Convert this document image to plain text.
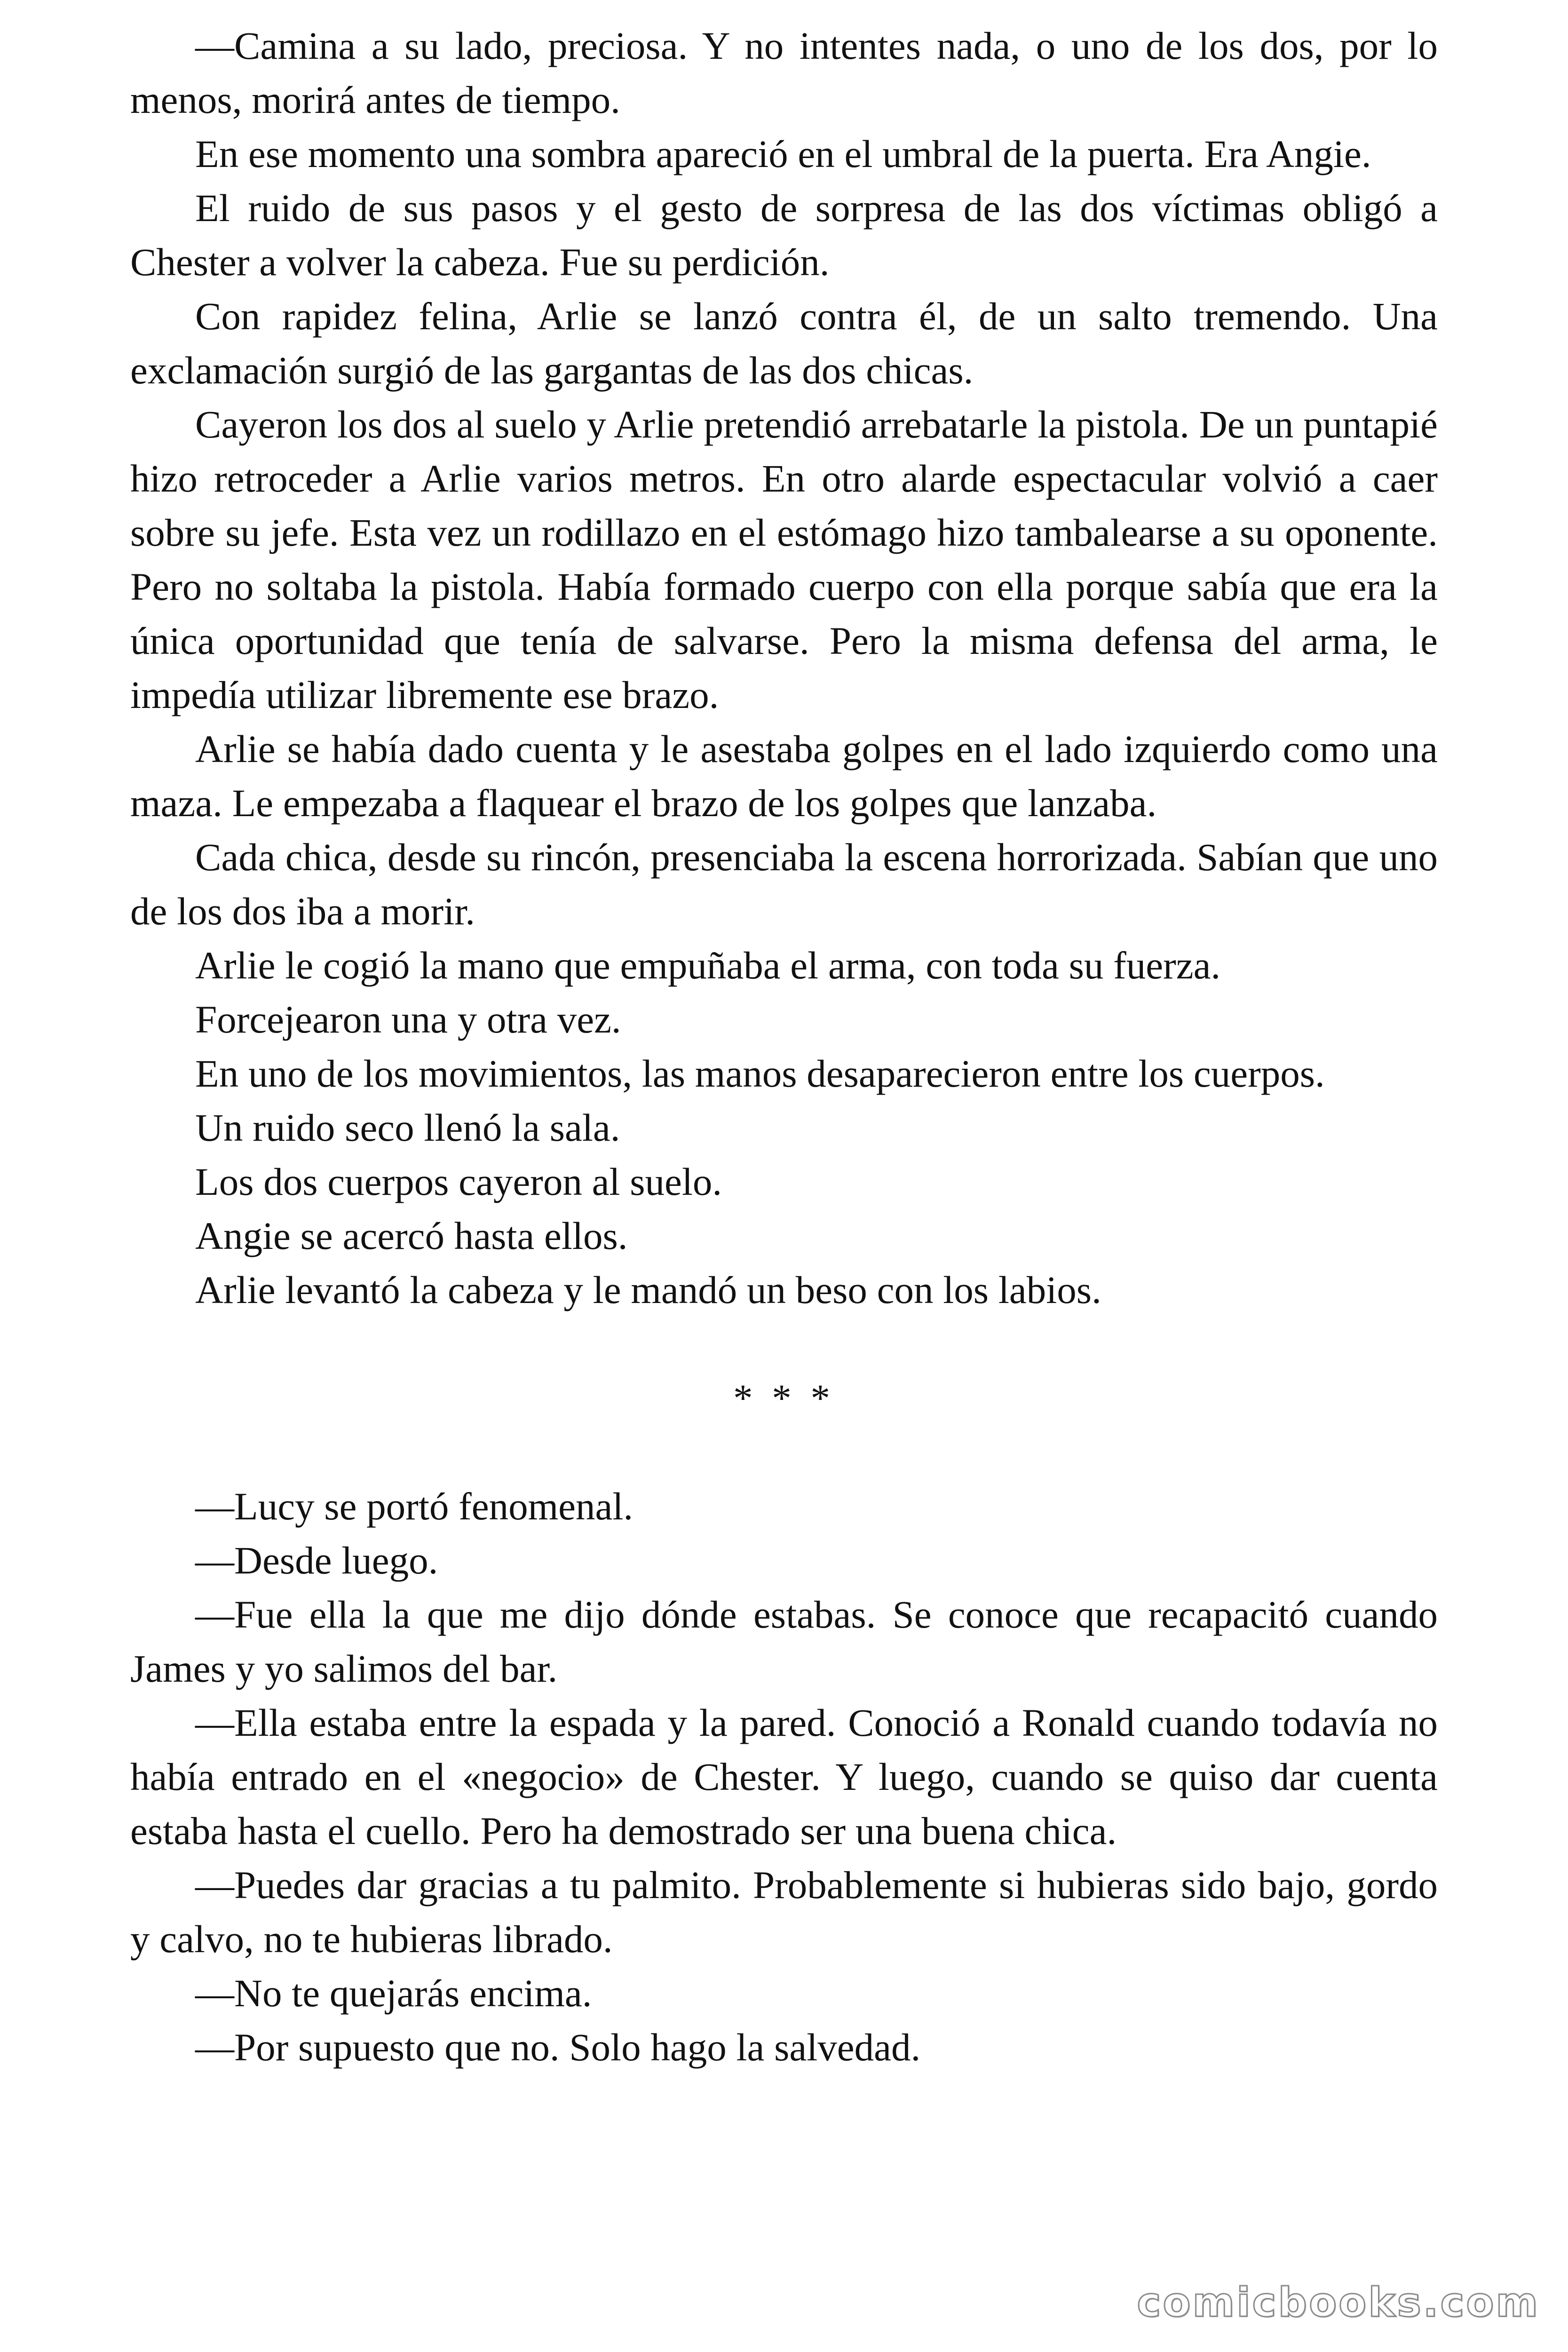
—Camina a su lado, preciosa. Y no intentes nada, o uno de los dos, por lo menos, morirá antes de tiempo.

En ese momento una sombra apareció en el umbral de la puerta. Era Angie.

El ruido de sus pasos y el gesto de sorpresa de las dos víctimas obligó a Chester a volver la cabeza. Fue su perdición.

Con rapidez felina, Arlie se lanzó contra él, de un salto tremendo. Una exclamación surgió de las gargantas de las dos chicas.

Cayeron los dos al suelo y Arlie pretendió arrebatarle la pistola. De un puntapié hizo retroceder a Arlie varios metros. En otro alarde espectacular volvió a caer sobre su jefe. Esta vez un rodillazo en el estómago hizo tambalearse a su oponente. Pero no soltaba la pistola. Había formado cuerpo con ella porque sabía que era la única oportunidad que tenía de salvarse. Pero la misma defensa del arma, le impedía utilizar libremente ese brazo.

Arlie se había dado cuenta y le asestaba golpes en el lado izquierdo como una maza. Le empezaba a flaquear el brazo de los golpes que lanzaba.

Cada chica, desde su rincón, presenciaba la escena horrorizada. Sabían que uno de los dos iba a morir.

Arlie le cogió la mano que empuñaba el arma, con toda su fuerza.

Forcejearon una y otra vez.

En uno de los movimientos, las manos desaparecieron entre los cuerpos.

Un ruido seco llenó la sala.

Los dos cuerpos cayeron al suelo.

Angie se acercó hasta ellos.

Arlie levantó la cabeza y le mandó un beso con los labios.

* * *

—Lucy se portó fenomenal.

—Desde luego.

—Fue ella la que me dijo dónde estabas. Se conoce que recapacitó cuando James y yo salimos del bar.

—Ella estaba entre la espada y la pared. Conoció a Ronald cuando todavía no había entrado en el «negocio» de Chester. Y luego, cuando se quiso dar cuenta estaba hasta el cuello. Pero ha demostrado ser una buena chica.

—Puedes dar gracias a tu palmito. Probablemente si hubieras sido bajo, gordo y calvo, no te hubieras librado.

—No te quejarás encima.

—Por supuesto que no. Solo hago la salvedad.

comicbooks.com
